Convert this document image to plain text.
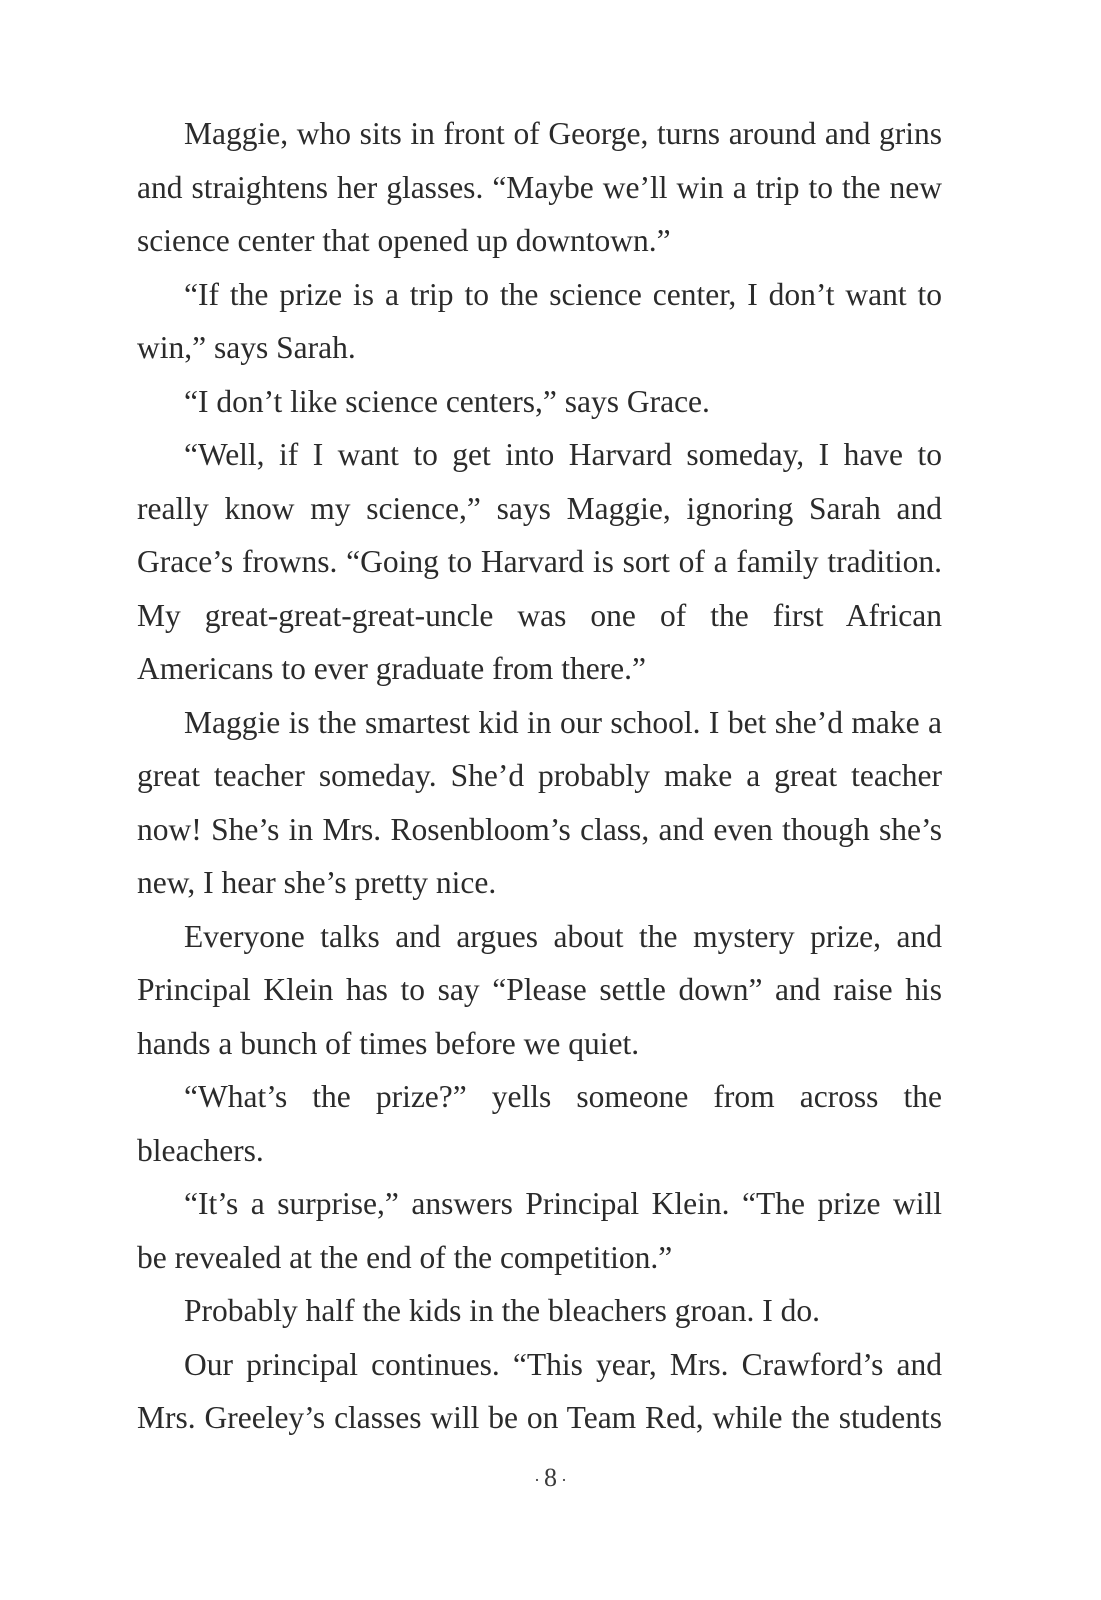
Maggie, who sits in front of George, turns around and grins and straightens her glasses. “Maybe we’ll win a trip to the new science center that opened up downtown.”

“If the prize is a trip to the science center, I don’t want to win,” says Sarah.

“I don’t like science centers,” says Grace.

“Well, if I want to get into Harvard someday, I have to really know my science,” says Maggie, ignoring Sarah and Grace’s frowns. “Going to Harvard is sort of a family tradition. My great-great-great-uncle was one of the first African Americans to ever graduate from there.”

Maggie is the smartest kid in our school. I bet she’d make a great teacher someday. She’d probably make a great teacher now! She’s in Mrs. Rosenbloom’s class, and even though she’s new, I hear she’s pretty nice.

Everyone talks and argues about the mystery prize, and Principal Klein has to say “Please settle down” and raise his hands a bunch of times before we quiet.

“What’s the prize?” yells someone from across the bleachers.

“It’s a surprise,” answers Principal Klein. “The prize will be revealed at the end of the competition.”

Probably half the kids in the bleachers groan. I do.

Our principal continues. “This year, Mrs. Crawford’s and Mrs. Greeley’s classes will be on Team Red, while the students

· 8 ·
